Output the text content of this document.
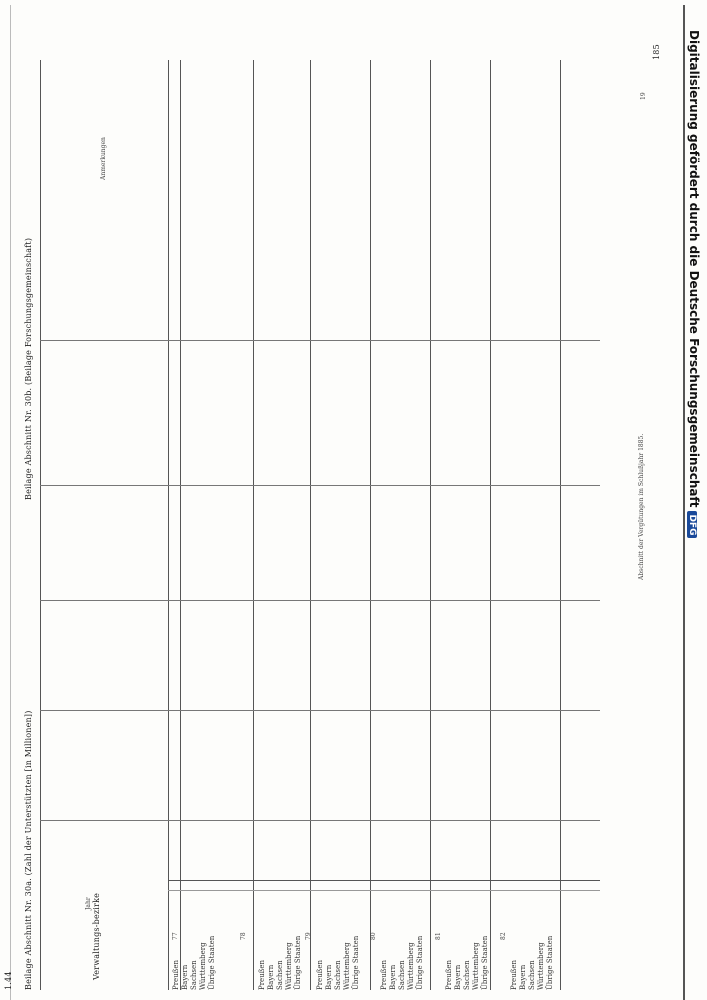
1.44
185
Beilage Abschnitt Nr. 30a. (Zahl der Unterstützten [in Millionen])
Beilage Abschnitt Nr. 30b. (Beilage Forschungsgemeinschaft)
Abschnitt der Vergütungen im Schlußjahr 1885.
19
Verwaltungs-bezirke
Jahr
Anmerkungen
77
Preußen Bayern Sachsen Württemberg Übrige Staaten	78
Preußen Bayern Sachsen Württemberg Übrige Staaten 79
Preußen Bayern Sachsen Württemberg Übrige Staaten 80
Preußen Bayern Sachsen Württemberg Übrige Staaten 81
Preußen Bayern Sachsen Württemberg Übrige Staaten 82
Preußen Bayern Sachsen Württemberg Übrige Staaten
Digitalisierung gefördert durch die Deutsche ForschungsgemeinschaftDFG
